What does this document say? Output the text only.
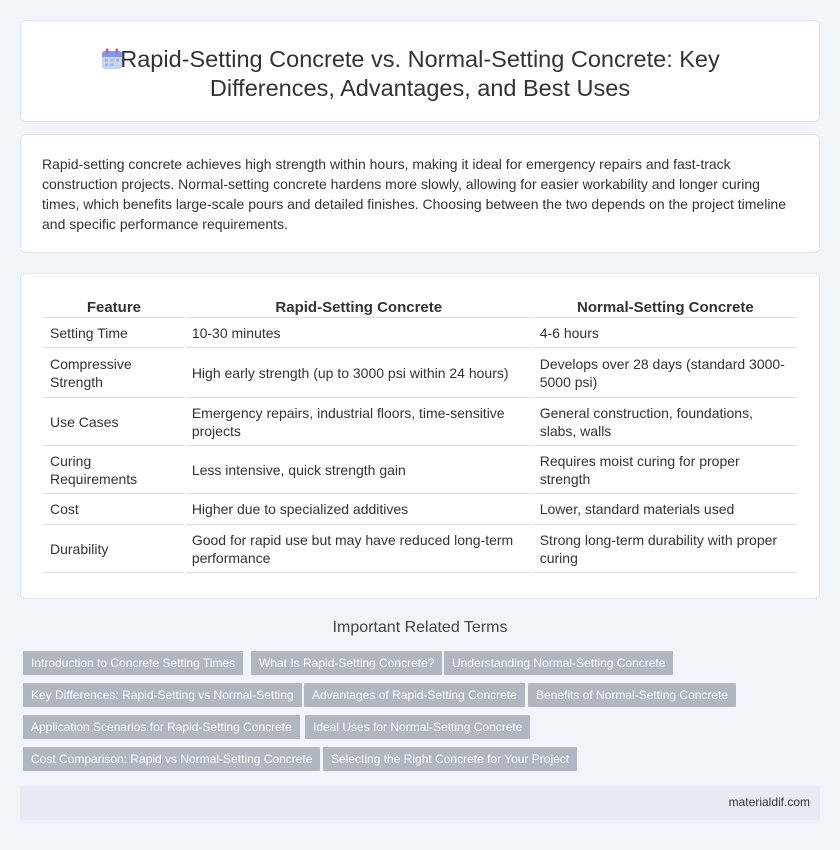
Rapid-Setting Concrete vs. Normal-Setting Concrete: Key Differences, Advantages, and Best Uses

Rapid-setting concrete achieves high strength within hours, making it ideal for emergency repairs and fast-track construction projects. Normal-setting concrete hardens more slowly, allowing for easier workability and longer curing times, which benefits large-scale pours and detailed finishes. Choosing between the two depends on the project timeline and specific performance requirements.

Feature	Rapid-Setting Concrete	Normal-Setting Concrete
Setting Time	10-30 minutes	4-6 hours
Compressive Strength	High early strength (up to 3000 psi within 24 hours)	Develops over 28 days (standard 3000-5000 psi)
Use Cases	Emergency repairs, industrial floors, time-sensitive projects	General construction, foundations, slabs, walls
Curing Requirements	Less intensive, quick strength gain	Requires moist curing for proper strength
Cost	Higher due to specialized additives	Lower, standard materials used
Durability	Good for rapid use but may have reduced long-term performance	Strong long-term durability with proper curing
Important Related Terms
Introduction to Concrete Setting Times	What Is Rapid-Setting Concrete?	Understanding Normal-Setting Concrete
Key Differences: Rapid-Setting vs Normal-Setting	Advantages of Rapid-Setting Concrete	Benefits of Normal-Setting Concrete
Application Scenarios for Rapid-Setting Concrete	Ideal Uses for Normal-Setting Concrete
Cost Comparison: Rapid vs Normal-Setting Concrete	Selecting the Right Concrete for Your Project
materialdif.com
